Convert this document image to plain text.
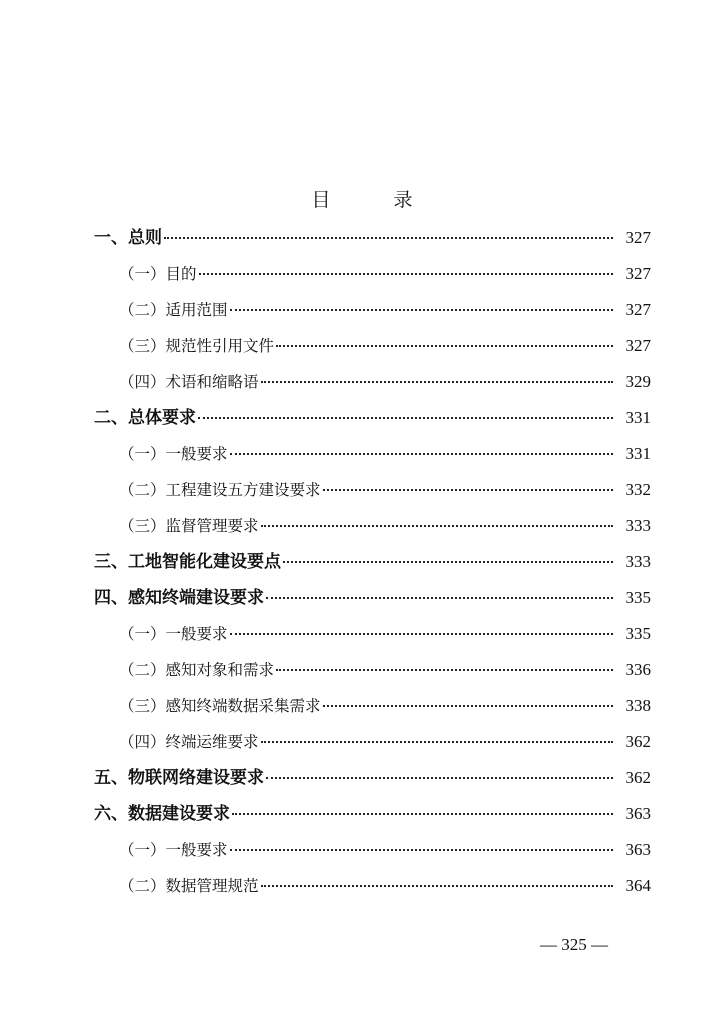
目　录
一、总则	327
（一）目的	327
（二）适用范围	327
（三）规范性引用文件	327
（四）术语和缩略语	329
二、总体要求	331
（一）一般要求	331
（二）工程建设五方建设要求	332
（三）监督管理要求	333
三、工地智能化建设要点	333
四、感知终端建设要求	335
（一）一般要求	335
（二）感知对象和需求	336
（三）感知终端数据采集需求	338
（四）终端运维要求	362
五、物联网络建设要求	362
六、数据建设要求	363
（一）一般要求	363
（二）数据管理规范	364
— 325 —
